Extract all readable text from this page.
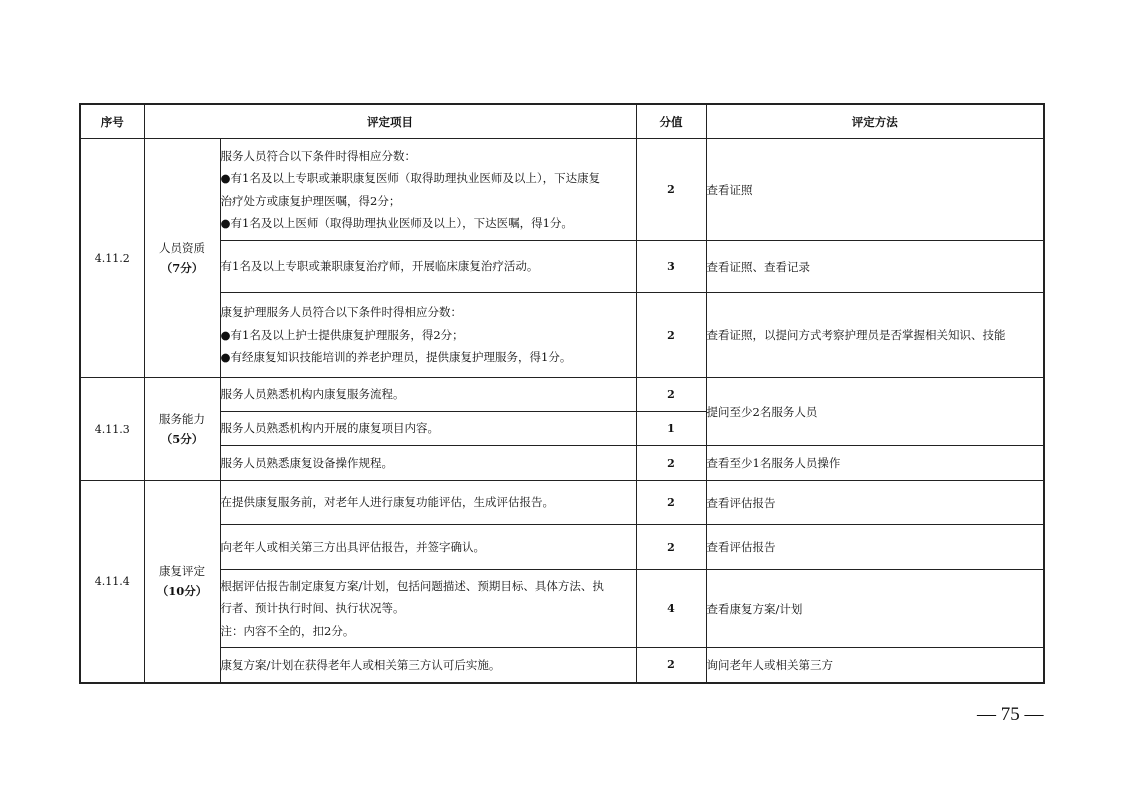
序号	评定项目		分值	评定方法
4.11.2	人员资质
（7分）	服务人员符合以下条件时得相应分数：
●有1名及以上专职或兼职康复医师（取得助理执业医师及以上），下达康复
治疗处方或康复护理医嘱，得2分；
●有1名及以上医师（取得助理执业医师及以上），下达医嘱，得1分。	2	查看证照

		有1名及以上专职或兼职康复治疗师，开展临床康复治疗活动。	3	查看证照、查看记录

		康复护理服务人员符合以下条件时得相应分数：
●有1名及以上护士提供康复护理服务，得2分；
●有经康复知识技能培训的养老护理员，提供康复护理服务，得1分。	2	查看证照，以提问方式考察护理员是否掌握相关知识、技能
4.11.3	服务能力
（5分）	服务人员熟悉机构内康复服务流程。	2	提问至少2名服务人员

		服务人员熟悉机构内开展的康复项目内容。	1	

		服务人员熟悉康复设备操作规程。	2	查看至少1名服务人员操作
4.11.4	康复评定
（10分）	在提供康复服务前，对老年人进行康复功能评估，生成评估报告。	2	查看评估报告

		向老年人或相关第三方出具评估报告，并签字确认。	2	查看评估报告

		根据评估报告制定康复方案/计划，包括问题描述、预期目标、具体方法、执
行者、预计执行时间、执行状况等。
注：内容不全的，扣2分。	4	查看康复方案/计划

		康复方案/计划在获得老年人或相关第三方认可后实施。	2	询问老年人或相关第三方
— 75 —
